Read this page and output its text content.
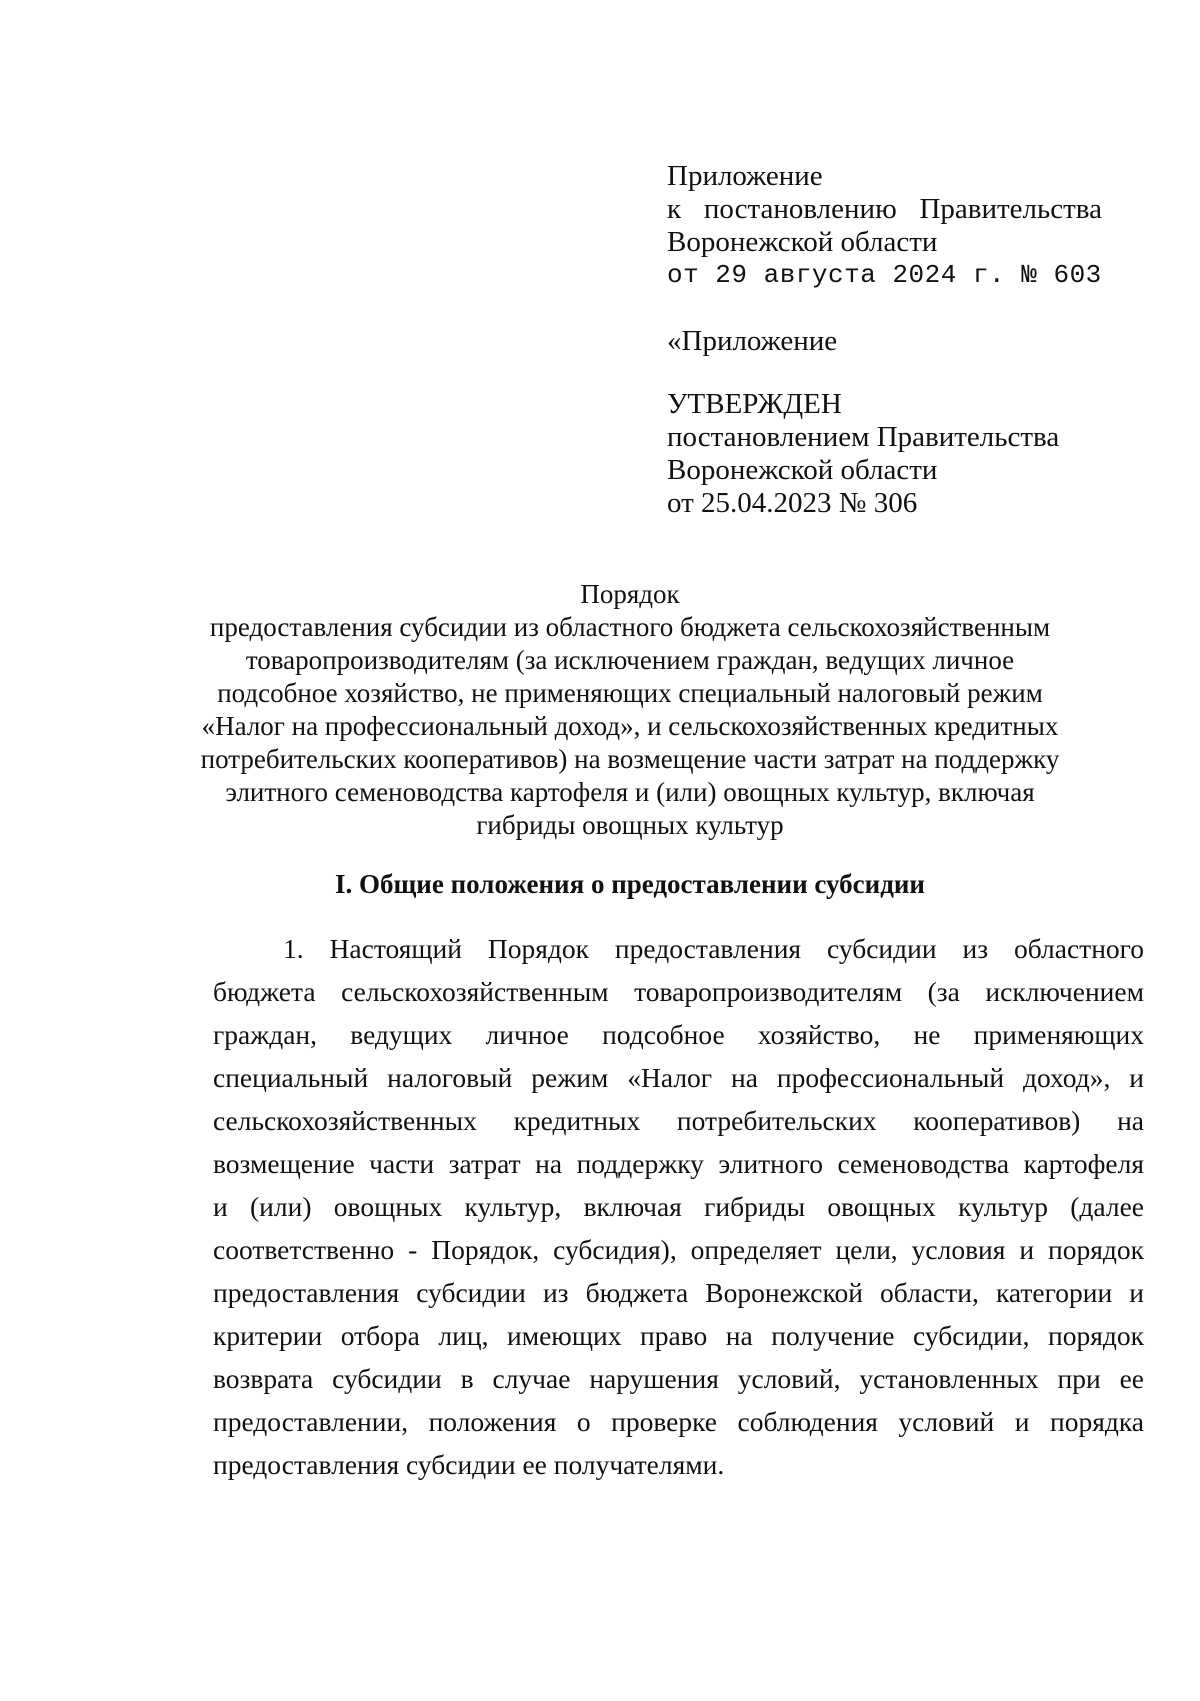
Приложение
к постановлению Правительства
Воронежской области
от 29 августа 2024 г. № 603
«Приложение
УТВЕРЖДЕН
постановлением Правительства
Воронежской области
от 25.04.2023 № 306
Порядок
предоставления субсидии из областного бюджета сельскохозяйственным
товаропроизводителям (за исключением граждан, ведущих личное
подсобное хозяйство, не применяющих специальный налоговый режим
«Налог на профессиональный доход», и сельскохозяйственных кредитных
потребительских кооперативов) на возмещение части затрат на поддержку
элитного семеноводства картофеля и (или) овощных культур, включая
гибриды овощных культур
I. Общие положения о предоставлении субсидии
1. Настоящий Порядок предоставления субсидии из областного
бюджета сельскохозяйственным товаропроизводителям (за исключением
граждан, ведущих личное подсобное хозяйство, не применяющих
специальный налоговый режим «Налог на профессиональный доход», и
сельскохозяйственных кредитных потребительских кооперативов) на
возмещение части затрат на поддержку элитного семеноводства картофеля
и (или) овощных культур, включая гибриды овощных культур (далее
соответственно - Порядок, субсидия), определяет цели, условия и порядок
предоставления субсидии из бюджета Воронежской области, категории и
критерии отбора лиц, имеющих право на получение субсидии, порядок
возврата субсидии в случае нарушения условий, установленных при ее
предоставлении, положения о проверке соблюдения условий и порядка
предоставления субсидии ее получателями.
